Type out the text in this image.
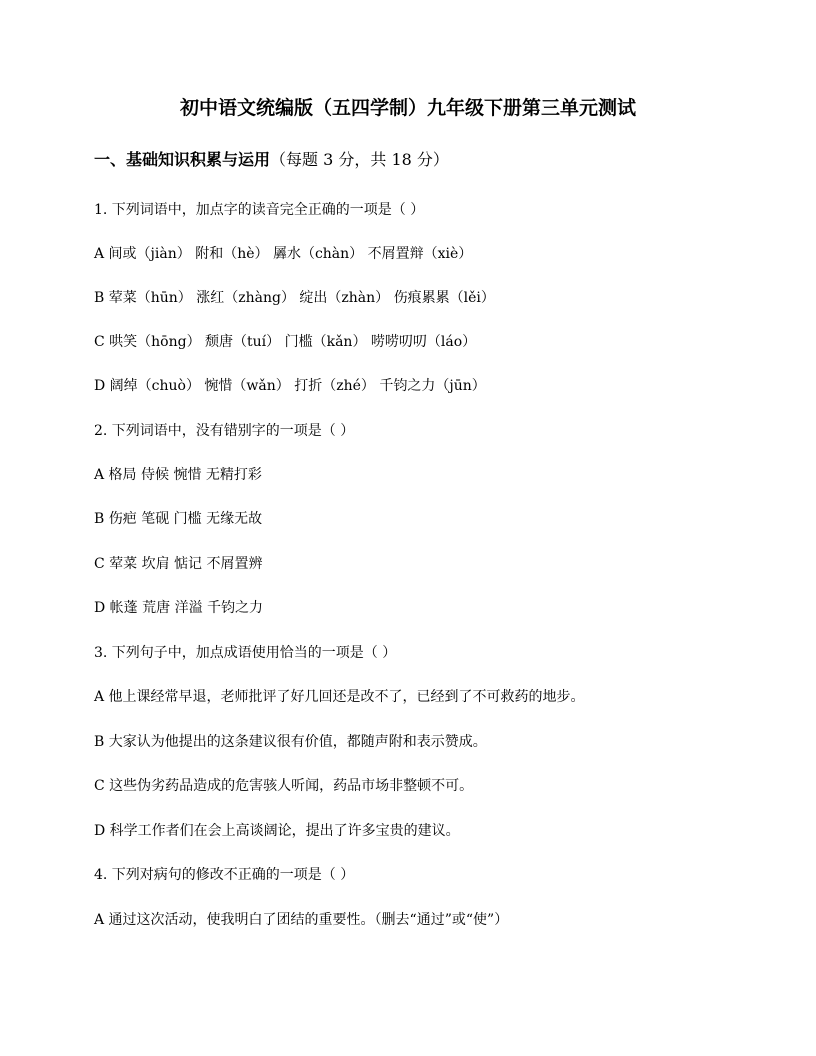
初中语文统编版（五四学制）九年级下册第三单元测试
一、基础知识积累与运用（每题 3 分，共 18 分）
1. 下列词语中，加点字的读音完全正确的一项是（ ）
A 间或（jiàn） 附和（hè） 羼水（chàn） 不屑置辩（xiè）
B 荤菜（hūn） 涨红（zhàng） 绽出（zhàn） 伤痕累累（lěi）
C 哄笑（hōng） 颓唐（tuí） 门槛（kǎn） 唠唠叨叨（láo）
D 阔绰（chuò） 惋惜（wǎn） 打折（zhé） 千钧之力（jūn）
2. 下列词语中，没有错别字的一项是（ ）
A 格局 侍候 惋惜 无精打彩
B 伤疤 笔砚 门槛 无缘无故
C 荤菜 坎肩 惦记 不屑置辨
D 帐蓬 荒唐 洋溢 千钧之力
3. 下列句子中，加点成语使用恰当的一项是（ ）
A 他上课经常早退，老师批评了好几回还是改不了，已经到了不可救药的地步。
B 大家认为他提出的这条建议很有价值，都随声附和表示赞成。
C 这些伪劣药品造成的危害骇人听闻，药品市场非整顿不可。
D 科学工作者们在会上高谈阔论，提出了许多宝贵的建议。
4. 下列对病句的修改不正确的一项是（ ）
A 通过这次活动，使我明白了团结的重要性。（删去“通过”或“使”）
